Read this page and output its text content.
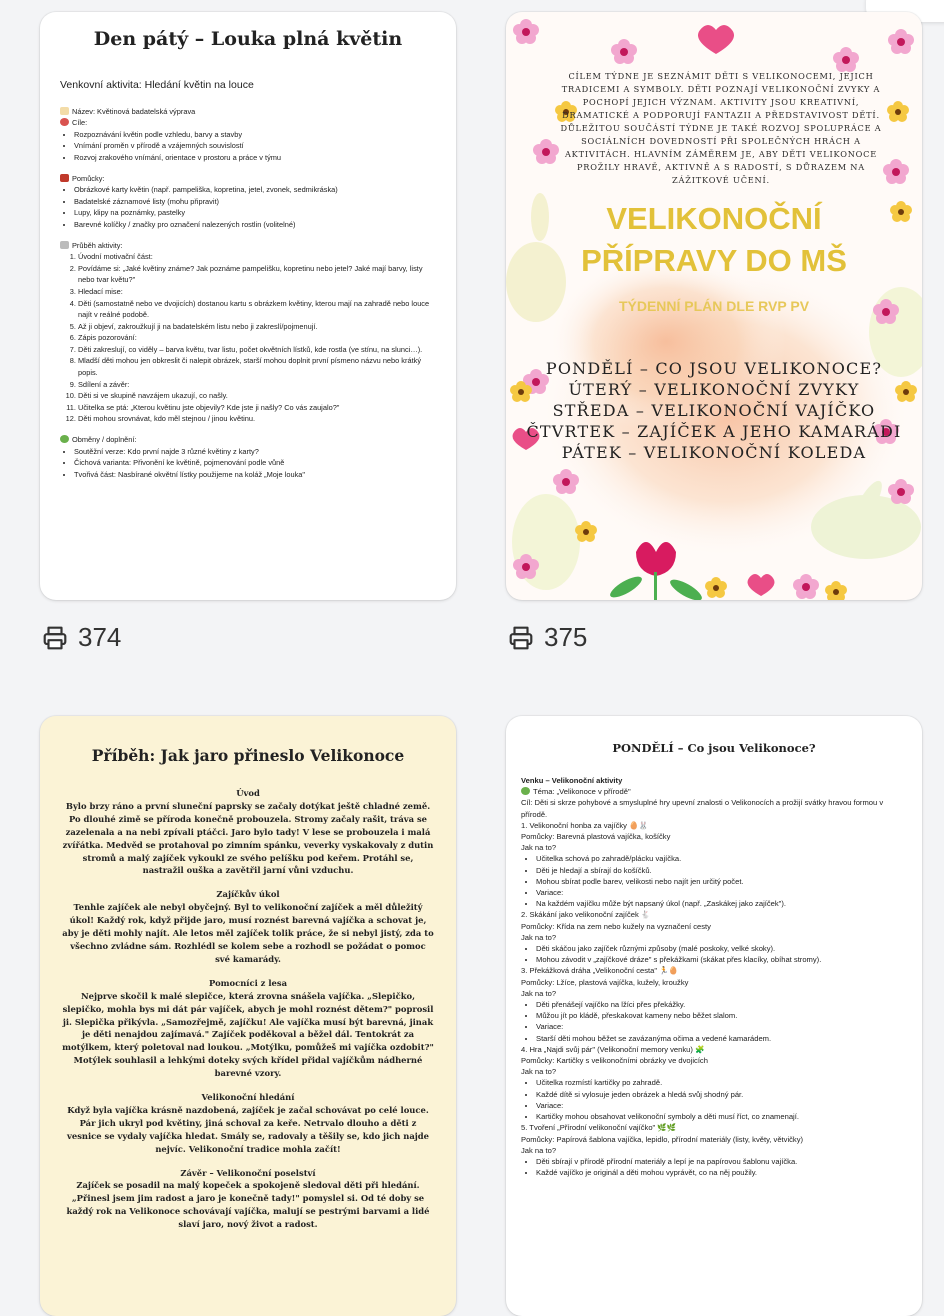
Den pátý – Louka plná květin
Venkovní aktivita: Hledání květin na louce
Název: Květinová badatelská výprava
Cíle:
• Rozpoznávání květin podle vzhledu, barvy a stavby
• Vnímání proměn v přírodě a vzájemných souvislostí
• Rozvoj zrakového vnímání, orientace v prostoru a práce v týmu
Pomůcky:
• Obrázkové karty květin (např. pampeliška, kopretina, jetel, zvonek, sedmikráska)
• Badatelské záznamové listy (mohu připravit)
• Lupy, klipy na poznámky, pastelky
• Barevné kolíčky / značky pro označení nalezených rostlin (volitelné)
Průběh aktivity:
1. Úvodní motivační část:
2. Povídáme si: „Jaké květiny známe? Jak poznáme pampelišku, kopretinu nebo jetel? Jaké mají barvy, listy nebo tvar květu?"
3. Hledací mise:
4. Děti (samostatně nebo ve dvojicích) dostanou kartu s obrázkem květiny, kterou mají na zahradě nebo louce najít v reálné podobě.
5. Až ji objeví, zakroužkují ji na badatelském listu nebo ji zakreslí/pojmenují.
6. Zápis pozorování:
7. Děti zakreslují, co viděly – barva květu, tvar listu, počet okvětních lístků, kde rostla (ve stínu, na slunci…).
8. Mladší děti mohou jen obkreslit či nalepit obrázek, starší mohou doplnit první písmeno názvu nebo krátký popis.
9. Sdílení a závěr:
10. Děti si ve skupině navzájem ukazují, co našly.
11. Učitelka se ptá: „Kterou květinu jste objevily? Kde jste ji našly? Co vás zaujalo?"
12. Děti mohou srovnávat, kdo měl stejnou / jinou květinu.
Obměny / doplnění:
• Soutěžní verze: Kdo první najde 3 různé květiny z karty?
• Čichová varianta: Přivonění ke květině, pojmenování podle vůně
• Tvořivá část: Nasbírané okvětní lístky použijeme na koláž „Moje louka"
CÍLEM TÝDNE JE SEZNÁMIT DĚTI S VELIKONOCEMI, JEJICH TRADICEMI A SYMBOLY. DĚTI POZNAJÍ VELIKONOČNÍ ZVYKY A POCHOPÍ JEJICH VÝZNAM. AKTIVITY JSOU KREATIVNÍ, DRAMATICKÉ A PODPORUJÍ FANTAZII A PŘEDSTAVIVOST DĚTÍ. DŮLEŽITOU SOUČÁSTÍ TÝDNE JE TAKÉ ROZVOJ SPOLUPRÁCE A SOCIÁLNÍCH DOVEDNOSTÍ PŘI SPOLEČNÝCH HRÁCH A AKTIVITÁCH. HLAVNÍM ZÁMĚREM JE, ABY DĚTI VELIKONOCE PROŽILY HRAVĚ, AKTIVNĚ A S RADOSTÍ, S DŮRAZEM NA ZÁŽITKOVÉ UČENÍ.
VELIKONOČNÍ
PŘÍPRAVY DO MŠ
TÝDENNÍ PLÁN DLE RVP PV
PONDĚLÍ – CO JSOU VELIKONOCE?
ÚTERÝ – VELIKONOČNÍ ZVYKY
STŘEDA – VELIKONOČNÍ VAJÍČKO
ČTVRTEK – ZAJÍČEK A JEHO KAMARÁDI
PÁTEK – VELIKONOČNÍ KOLEDA
374	375
Příběh: Jak jaro přineslo Velikonoce
Úvod

Bylo brzy ráno a první sluneční paprsky se začaly dotýkat ještě chladné země. Po dlouhé zimě se příroda konečně probouzela. Stromy začaly rašit, tráva se zazelenala a na nebi zpívali ptáčci. Jaro bylo tady! V lese se probouzela i malá zvířátka. Medvěd se protahoval po zimním spánku, veverky vyskakovaly z dutin stromů a malý zajíček vykoukl ze svého pelíšku pod keřem. Protáhl se, nastražil ouška a zavětřil jarní vůni vzduchu.

Zajíčkův úkol

Tenhle zajíček ale nebyl obyčejný. Byl to velikonoční zajíček a měl důležitý úkol! Každý rok, když přijde jaro, musí roznést barevná vajíčka a schovat je, aby je děti mohly najít. Ale letos měl zajíček tolik práce, že si nebyl jistý, zda to všechno zvládne sám. Rozhlédl se kolem sebe a rozhodl se požádat o pomoc své kamarády.

Pomocníci z lesa

Nejprve skočil k malé slepičce, která zrovna snášela vajíčka. „Slepičko, slepičko, mohla bys mi dát pár vajíček, abych je mohl roznést dětem?" poprosil ji. Slepička přikývla. „Samozřejmě, zajíčku! Ale vajíčka musí být barevná, jinak je děti nenajdou zajímavá." Zajíček poděkoval a běžel dál. Tentokrát za motýlkem, který poletoval nad loukou. „Motýlku, pomůžeš mi vajíčka ozdobit?" Motýlek souhlasil a lehkými doteky svých křídel přidal vajíčkům nádherné barevné vzory.

Velikonoční hledání

Když byla vajíčka krásně nazdobená, zajíček je začal schovávat po celé louce. Pár jich ukryl pod květiny, jiná schoval za keře. Netrvalo dlouho a děti z vesnice se vydaly vajíčka hledat. Smály se, radovaly a těšily se, kdo jich najde nejvíc. Velikonoční tradice mohla začít!

Závěr – Velikonoční poselství

Zajíček se posadil na malý kopeček a spokojeně sledoval děti při hledání. „Přinesl jsem jim radost a jaro je konečně tady!" pomyslel si. Od té doby se každý rok na Velikonoce schovávají vajíčka, malují se pestrými barvami a lidé slaví jaro, nový život a radost.

PONDĚLÍ – Co jsou Velikonoce?

Venku – Velikonoční aktivity

Téma: „Velikonoce v přírodě"

Cíl: Děti si skrze pohybové a smysluplné hry upevní znalosti o Velikonocích a prožijí svátky hravou formou v přírodě.

1. Velikonoční honba za vajíčky 🥚🐰

Pomůcky: Barevná plastová vajíčka, košíčky

Jak na to?

• Učitelka schová po zahradě/plácku vajíčka.
• Děti je hledají a sbírají do košíčků.
• Mohou sbírat podle barev, velikosti nebo najít jen určitý počet.
• Variace:
• Na každém vajíčku může být napsaný úkol (např. „Zaskákej jako zajíček").

2. Skákání jako velikonoční zajíček 🐇

Pomůcky: Křída na zem nebo kužely na vyznačení cesty

Jak na to?

• Děti skáčou jako zajíček různými způsoby (malé poskoky, velké skoky).
• Mohou závodit v „zajíčkové dráze" s překážkami (skákat přes klacíky, obíhat stromy).

3. Překážková dráha „Velikonoční cesta" 🏃🥚

Pomůcky: Lžíce, plastová vajíčka, kužely, kroužky

Jak na to?

• Děti přenášejí vajíčko na lžíci přes překážky.
• Můžou jít po kládě, přeskakovat kameny nebo běžet slalom.
• Variace:
• Starší děti mohou běžet se zavázanýma očima a vedené kamarádem.

4. Hra „Najdi svůj pár" (Velikonoční memory venku) 🧩

Pomůcky: Kartičky s velikonočními obrázky ve dvojicích

Jak na to?

• Učitelka rozmístí kartičky po zahradě.
• Každé dítě si vylosuje jeden obrázek a hledá svůj shodný pár.
• Variace:
• Kartičky mohou obsahovat velikonoční symboly a děti musí říct, co znamenají.

5. Tvoření „Přírodní velikonoční vajíčko" 🌿🌿

Pomůcky: Papírová šablona vajíčka, lepidlo, přírodní materiály (listy, květy, větvičky)

Jak na to?

• Děti sbírají v přírodě přírodní materiály a lepí je na papírovou šablonu vajíčka.
• Každé vajíčko je originál a děti mohou vyprávět, co na něj použily.
